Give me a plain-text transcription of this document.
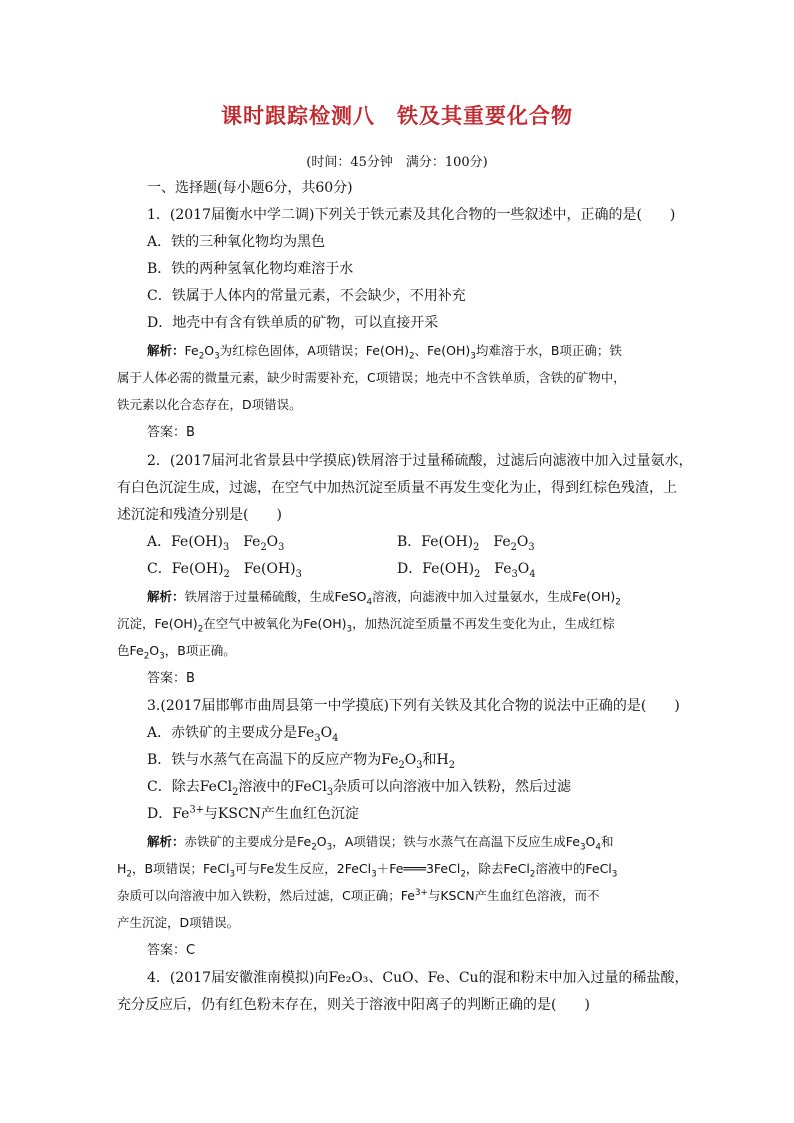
课时跟踪检测八　铁及其重要化合物
(时间：45分钟　满分：100分)
一、选择题(每小题6分，共60分)
1．(2017届衡水中学二调)下列关于铁元素及其化合物的一些叙述中，正确的是(　　)
A．铁的三种氧化物均为黑色
B．铁的两种氢氧化物均难溶于水
C．铁属于人体内的常量元素，不会缺少，不用补充
D．地壳中有含有铁单质的矿物，可以直接开采
解析：$Fe_2O_3$为红棕色固体，A项错误；$Fe(OH)_2$、$Fe(OH)_3$均难溶于水，B项正确；铁
属于人体必需的微量元素，缺少时需要补充，C项错误；地壳中不含铁单质，含铁的矿物中，
铁元素以化合态存在，D项错误。
答案：B
2．(2017届河北省景县中学摸底)铁屑溶于过量稀硫酸，过滤后向滤液中加入过量氨水，
有白色沉淀生成，过滤，在空气中加热沉淀至质量不再发生变化为止，得到红棕色残渣，上
述沉淀和残渣分别是(　　)
A．$Fe(OH)_3$　$Fe_2O_3$	B．$Fe(OH)_2$　$Fe_2O_3$
C．$Fe(OH)_2$　$Fe(OH)_3$	D．$Fe(OH)_2$　$Fe_3O_4$
解析：铁屑溶于过量稀硫酸，生成FeSO$_4$溶液，向滤液中加入过量氨水，生成$Fe(OH)_2$
沉淀，$Fe(OH)_2$在空气中被氧化为$Fe(OH)_3$，加热沉淀至质量不再发生变化为止，生成红棕
色$Fe_2O_3$，B项正确。
答案：B
3.(2017届邯郸市曲周县第一中学摸底)下列有关铁及其化合物的说法中正确的是(　　)
A．赤铁矿的主要成分是$Fe_3O_4$
B．铁与水蒸气在高温下的反应产物为$Fe_2O_3$和$H_2$
C．除去FeCl$_2$溶液中的FeCl$_3$杂质可以向溶液中加入铁粉，然后过滤
D．$Fe^{3+}$与KSCN产生血红色沉淀
解析：赤铁矿的主要成分是$Fe_2O_3$，A项错误；铁与水蒸气在高温下反应生成$Fe_3O_4$和
$H_2$，B项错误；FeCl$_3$可与Fe发生反应，2FeCl$_3$＋Fe═══3FeCl$_2$，除去FeCl$_2$溶液中的FeCl$_3$
杂质可以向溶液中加入铁粉，然后过滤，C项正确；$Fe^{3+}$与KSCN产生血红色溶液，而不
产生沉淀，D项错误。
答案：C
4．(2017届安徽淮南模拟)向Fe₂O₃、CuO、Fe、Cu的混和粉末中加入过量的稀盐酸，
充分反应后，仍有红色粉末存在，则关于溶液中阳离子的判断正确的是(　　)
